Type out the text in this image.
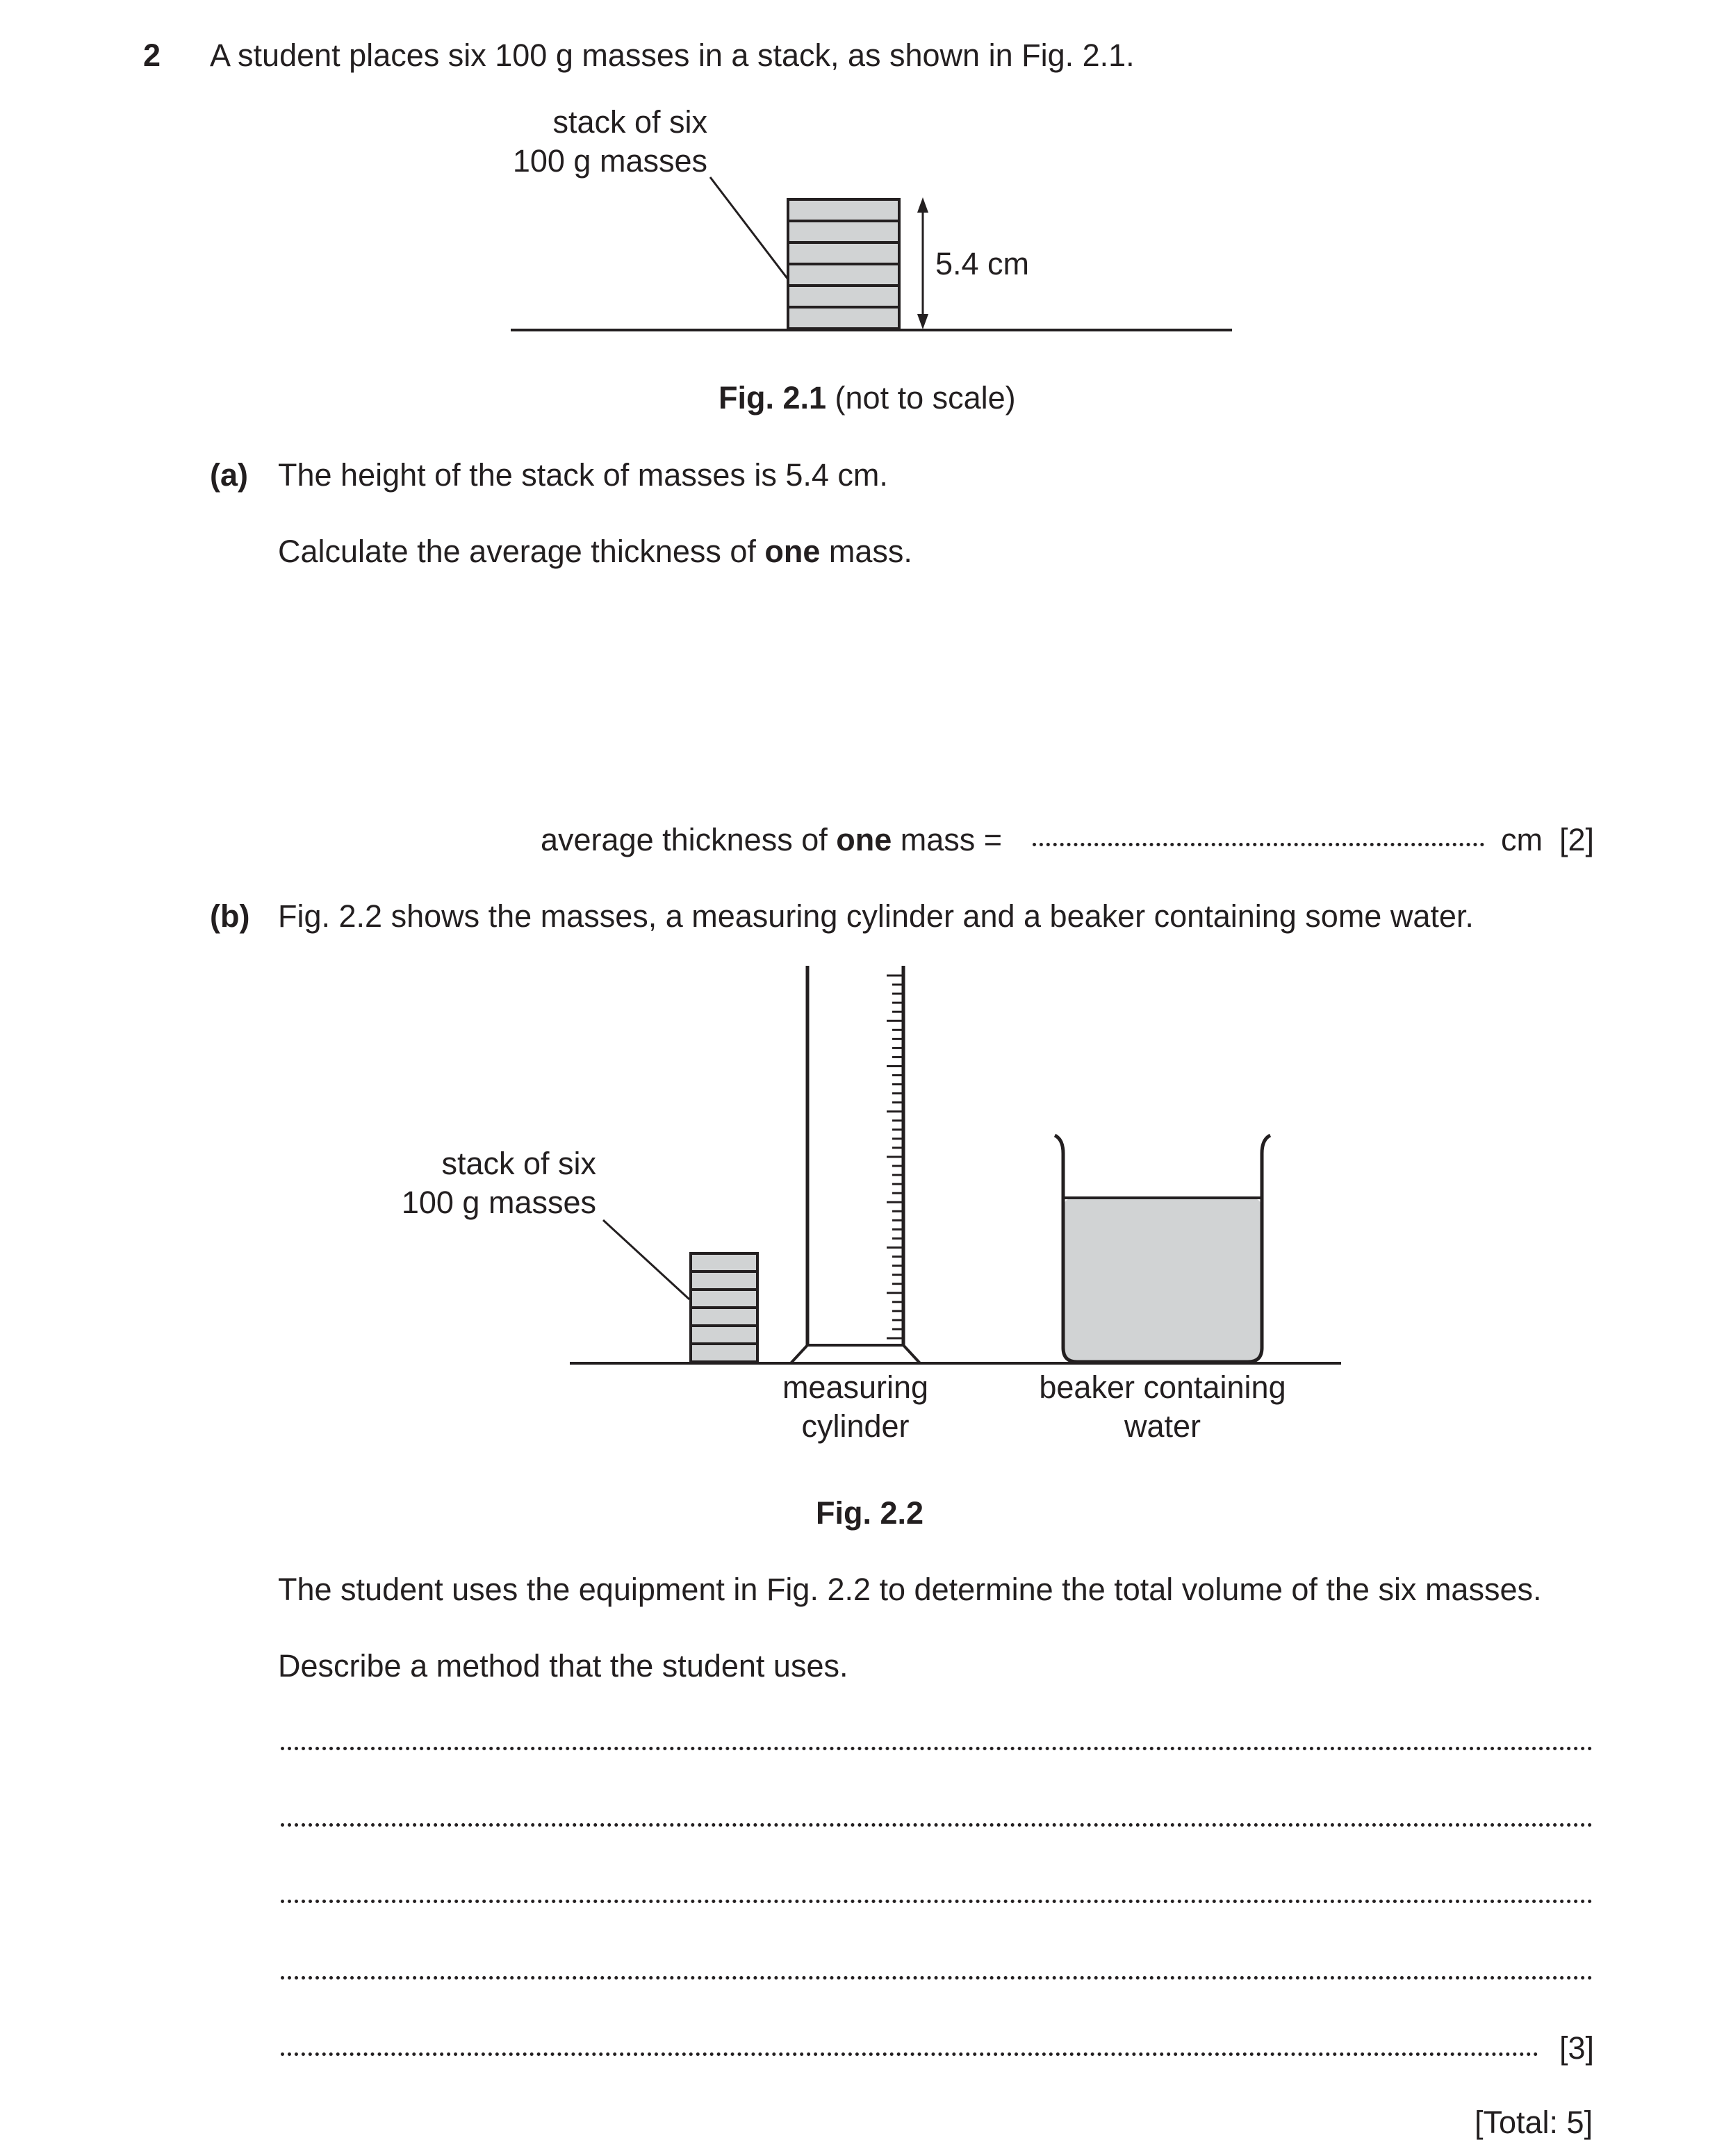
2 A student places six 100 g masses in a stack, as shown in Fig. 2.1.
stack of six
100 g masses
5.4 cm
Fig. 2.1 (not to scale)
(a) The height of the stack of masses is 5.4 cm.
Calculate the average thickness of one mass.
average thickness of one mass =	cm [2]
(b) Fig. 2.2 shows the masses, a measuring cylinder and a beaker containing some water.
stack of six
100 g masses
measuring
cylinder
beaker containing
water
Fig. 2.2
The student uses the equipment in Fig. 2.2 to determine the total volume of the six masses.
Describe a method that the student uses.
[3]
[Total: 5]
